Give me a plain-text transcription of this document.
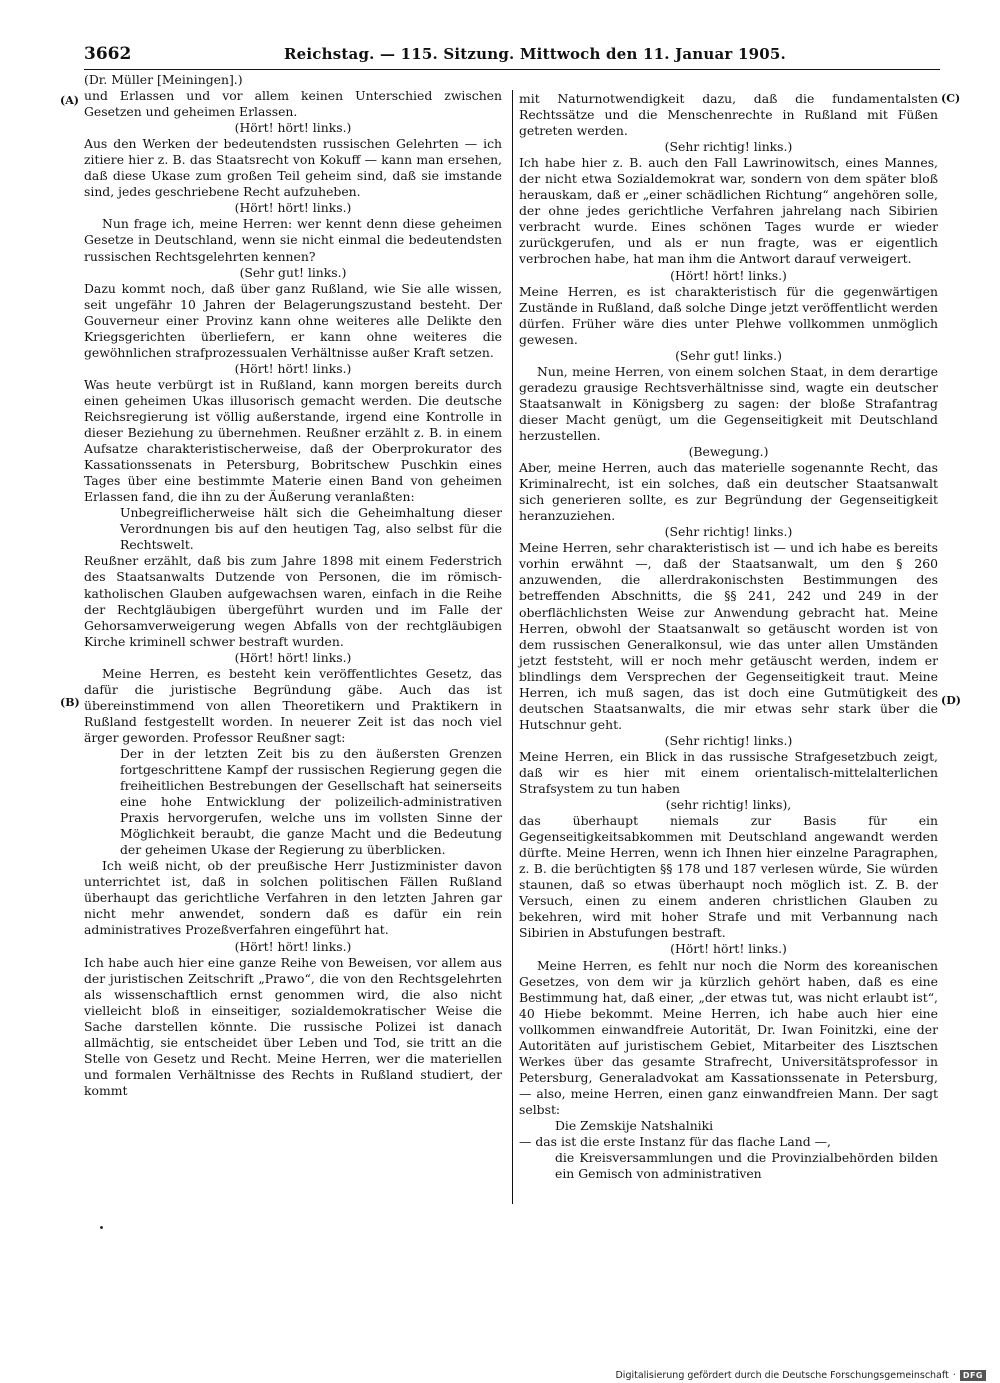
3662	Reichstag. — 115. Sitzung. Mittwoch den 11. Januar 1905.
(A)
(B)
(C)
(D)

(Dr. Müller [Meiningen].)

und Erlassen und vor allem keinen Unterschied zwischen Gesetzen und geheimen Erlassen.

(Hört! hört! links.)

Aus den Werken der bedeutendsten russischen Gelehrten — ich zitiere hier z. B. das Staatsrecht von Kokuff — kann man ersehen, daß diese Ukase zum großen Teil geheim sind, daß sie imstande sind, jedes geschriebene Recht aufzuheben.

(Hört! hört! links.)

Nun frage ich, meine Herren: wer kennt denn diese geheimen Gesetze in Deutschland, wenn sie nicht einmal die bedeutendsten russischen Rechtsgelehrten kennen?

(Sehr gut! links.)

Dazu kommt noch, daß über ganz Rußland, wie Sie alle wissen, seit ungefähr 10 Jahren der Belagerungszustand besteht. Der Gouverneur einer Provinz kann ohne weiteres alle Delikte den Kriegsgerichten überliefern, er kann ohne weiteres die gewöhnlichen strafprozessualen Verhältnisse außer Kraft setzen.

(Hört! hört! links.)

Was heute verbürgt ist in Rußland, kann morgen bereits durch einen geheimen Ukas illusorisch gemacht werden. Die deutsche Reichsregierung ist völlig außerstande, irgend eine Kontrolle in dieser Beziehung zu übernehmen. Reußner erzählt z. B. in einem Aufsatze charakteristischerweise, daß der Oberprokurator des Kassationssenats in Petersburg, Bobritschew Puschkin eines Tages über eine bestimmte Materie einen Band von geheimen Erlassen fand, die ihn zu der Äußerung veranlaßten:

Unbegreiflicherweise hält sich die Geheimhaltung dieser Verordnungen bis auf den heutigen Tag, also selbst für die Rechtswelt.

Reußner erzählt, daß bis zum Jahre 1898 mit einem Federstrich des Staatsanwalts Dutzende von Personen, die im römisch-katholischen Glauben aufgewachsen waren, einfach in die Reihe der Rechtgläubigen übergeführt wurden und im Falle der Gehorsamverweigerung wegen Abfalls von der rechtgläubigen Kirche kriminell schwer bestraft wurden.

(Hört! hört! links.)

Meine Herren, es besteht kein veröffentlichtes Gesetz, das dafür die juristische Begründung gäbe. Auch das ist übereinstimmend von allen Theoretikern und Praktikern in Rußland festgestellt worden. In neuerer Zeit ist das noch viel ärger geworden. Professor Reußner sagt:

Der in der letzten Zeit bis zu den äußersten Grenzen fortgeschrittene Kampf der russischen Regierung gegen die freiheitlichen Bestrebungen der Gesellschaft hat seinerseits eine hohe Entwicklung der polizeilich-administrativen Praxis hervorgerufen, welche uns im vollsten Sinne der Möglichkeit beraubt, die ganze Macht und die Bedeutung der geheimen Ukase der Regierung zu überblicken.

Ich weiß nicht, ob der preußische Herr Justizminister davon unterrichtet ist, daß in solchen politischen Fällen Rußland überhaupt das gerichtliche Verfahren in den letzten Jahren gar nicht mehr anwendet, sondern daß es dafür ein rein administratives Prozeßverfahren eingeführt hat.

(Hört! hört! links.)

Ich habe auch hier eine ganze Reihe von Beweisen, vor allem aus der juristischen Zeitschrift „Prawo“, die von den Rechtsgelehrten als wissenschaftlich ernst genommen wird, die also nicht vielleicht bloß in einseitiger, sozialdemokratischer Weise die Sache darstellen könnte. Die russische Polizei ist danach allmächtig, sie entscheidet über Leben und Tod, sie tritt an die Stelle von Gesetz und Recht. Meine Herren, wer die materiellen und formalen Verhältnisse des Rechts in Rußland studiert, der kommt

mit Naturnotwendigkeit dazu, daß die fundamentalsten Rechtssätze und die Menschenrechte in Rußland mit Füßen getreten werden.

(Sehr richtig! links.)

Ich habe hier z. B. auch den Fall Lawrinowitsch, eines Mannes, der nicht etwa Sozialdemokrat war, sondern von dem später bloß herauskam, daß er „einer schädlichen Richtung“ angehören solle, der ohne jedes gerichtliche Verfahren jahrelang nach Sibirien verbracht wurde. Eines schönen Tages wurde er wieder zurückgerufen, und als er nun fragte, was er eigentlich verbrochen habe, hat man ihm die Antwort darauf verweigert.

(Hört! hört! links.)

Meine Herren, es ist charakteristisch für die gegenwärtigen Zustände in Rußland, daß solche Dinge jetzt veröffentlicht werden dürfen. Früher wäre dies unter Plehwe vollkommen unmöglich gewesen.

(Sehr gut! links.)

Nun, meine Herren, von einem solchen Staat, in dem derartige geradezu grausige Rechtsverhältnisse sind, wagte ein deutscher Staatsanwalt in Königsberg zu sagen: der bloße Strafantrag dieser Macht genügt, um die Gegenseitigkeit mit Deutschland herzustellen.

(Bewegung.)

Aber, meine Herren, auch das materielle sogenannte Recht, das Kriminalrecht, ist ein solches, daß ein deutscher Staatsanwalt sich generieren sollte, es zur Begründung der Gegenseitigkeit heranzuziehen.

(Sehr richtig! links.)

Meine Herren, sehr charakteristisch ist — und ich habe es bereits vorhin erwähnt —, daß der Staatsanwalt, um den § 260 anzuwenden, die allerdrakonischsten Bestimmungen des betreffenden Abschnitts, die §§ 241, 242 und 249 in der oberflächlichsten Weise zur Anwendung gebracht hat. Meine Herren, obwohl der Staatsanwalt so getäuscht worden ist von dem russischen Generalkonsul, wie das unter allen Umständen jetzt feststeht, will er noch mehr getäuscht werden, indem er blindlings dem Versprechen der Gegenseitigkeit traut. Meine Herren, ich muß sagen, das ist doch eine Gutmütigkeit des deutschen Staatsanwalts, die mir etwas sehr stark über die Hutschnur geht.

(Sehr richtig! links.)

Meine Herren, ein Blick in das russische Strafgesetzbuch zeigt, daß wir es hier mit einem orientalisch-mittelalterlichen Strafsystem zu tun haben

(sehr richtig! links),

das überhaupt niemals zur Basis für ein Gegenseitigkeitsabkommen mit Deutschland angewandt werden dürfte. Meine Herren, wenn ich Ihnen hier einzelne Paragraphen, z. B. die berüchtigten §§ 178 und 187 verlesen würde, Sie würden staunen, daß so etwas überhaupt noch möglich ist. Z. B. der Versuch, einen zu einem anderen christlichen Glauben zu bekehren, wird mit hoher Strafe und mit Verbannung nach Sibirien in Abstufungen bestraft.

(Hört! hört! links.)

Meine Herren, es fehlt nur noch die Norm des koreanischen Gesetzes, von dem wir ja kürzlich gehört haben, daß es eine Bestimmung hat, daß einer, „der etwas tut, was nicht erlaubt ist“, 40 Hiebe bekommt. Meine Herren, ich habe auch hier eine vollkommen einwandfreie Autorität, Dr. Iwan Foinitzki, eine der Autoritäten auf juristischem Gebiet, Mitarbeiter des Lisztschen Werkes über das gesamte Strafrecht, Universitätsprofessor in Petersburg, Generaladvokat am Kassationssenate in Petersburg, — also, meine Herren, einen ganz einwandfreien Mann. Der sagt selbst:

Die Zemskije Natshalniki

— das ist die erste Instanz für das flache Land —,

die Kreisversammlungen und die Provinzialbehörden bilden ein Gemisch von administrativen

Digitalisierung gefördert durch die Deutsche Forschungsgemeinschaft · DFG
